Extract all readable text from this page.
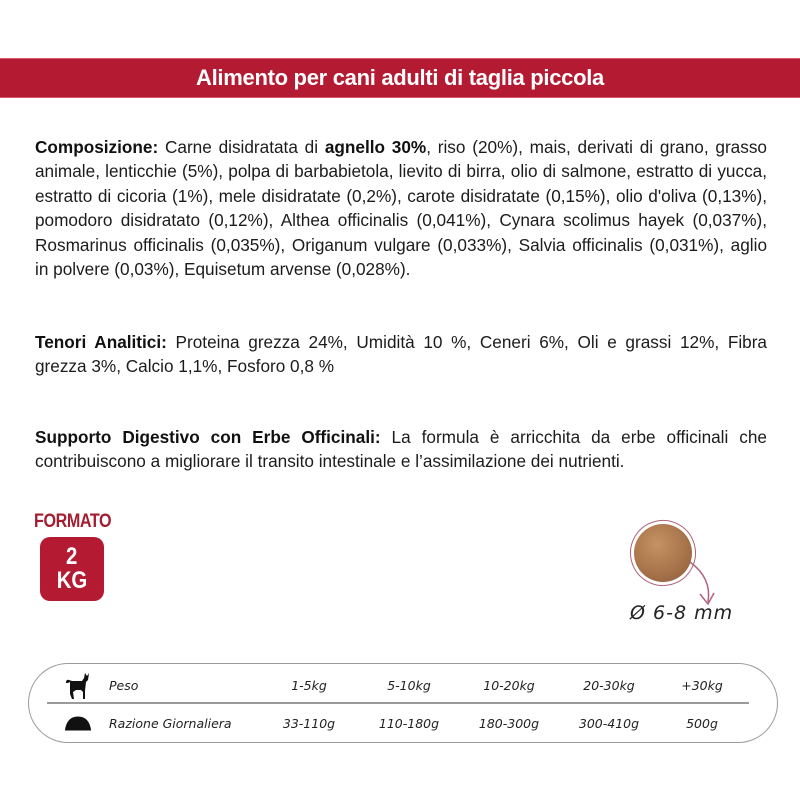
Alimento per cani adulti di taglia piccola

Composizione: Carne disidratata di agnello 30%, riso (20%), mais, derivati di grano, grasso animale, lenticchie (5%), polpa di barbabietola, lievito di birra, olio di salmone, estratto di yucca, estratto di cicoria (1%), mele disidratate (0,2%), carote disidratate (0,15%), olio d'oliva (0,13%), pomodoro disidratato (0,12%), Althea officinalis (0,041%), Cynara scolimus hayek (0,037%), Rosmarinus officinalis (0,035%), Origanum vulgare (0,033%), Salvia officinalis (0,031%), aglio in polvere (0,03%), Equisetum arvense (0,028%).

Tenori Analitici: Proteina grezza 24%, Umidità 10 %, Ceneri 6%, Oli e grassi 12%, Fibra grezza 3%, Calcio 1,1%, Fosforo 0,8 %

Supporto Digestivo con Erbe Officinali: La formula è arricchita da erbe officinali che contribuiscono a migliorare il transito intestinale e l’assimilazione dei nutrienti.

FORMATO
2
KG
Ø 6-8 mm
Peso	1-5kg	5-10kg	10-20kg	20-30kg	+30kg
Razione Giornaliera	33-110g	110-180g	180-300g	300-410g	500g
